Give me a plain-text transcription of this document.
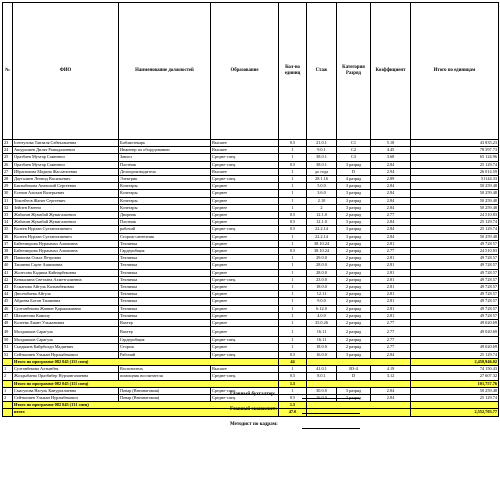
№	ФИО	Наименование должностей	Образование	Кол-во единиц	Стаж	Категория Разряд	Коэффициент	Итого по единицам
23	Ісентулова Танзиля Сейтказыевна	Библиотекарь	Высшее	0.5	21.0.1	C1	5.18	43 835.23
24	Ашуралиев Дилят Рашадалиевич	Инженер по оборудованию	Высшее	1	9.0.1	C2	4.45	78 397.73
25	Оразбаев Мухтар Самеевич	Завхоз	Средне-спец.	1	38.0.1	C3	3.68	65 124.96
26	Оразбаев Мухтар Самеевич	Плотник	Средне-спец.	0.5	38.0.1	3 разряд	2.84	25 129.74
27	Ибрагимова Мадина Жасланоевна	Делопроизводитель	Высшее	1	до года	D	2.94	26 014.59
28	Дауталиев Леонид Васильевич	Электрик	Средне-спец.	1	28.1.16	4 разряд	2.89	51144.33
29	Бактыбекова Анатолий Сергеевич	Кочегары	Среднее	1	5.0.0	3 разряд	2.84	50 259.48
30	Есенов Алихан Валерьевич	Кочегары	Среднее	1	3.6.0	3 разряд	2.84	50 259.48
31	Токсейтов Жанат Сергеевич	Кочегары	Среднее	1	2.10	3 разряд	2.84	50 259.48
32	Зейпен Евгени	Кочегары	Среднее	1	2	3 разряд	2.84	50 259.48
33	Жабагин Жумабай Жумагалиевич	Дворник	Среднее	0.5	12.1.0	2 разряд	2.77	24 510.83
34	Жабагин Жумабай Жумагалиевич	Плотник	Среднее	0.5	12.1.0	3 разряд	2.84	25 129.74
35	Колеев Нурлан Султангазиевич	рабочий	Средне-спец.	0.5	22.2.14	3 разряд	2.84	25 129.74
36	Колеев Нурлан Султангазиевич	Сторож-сантехник	Среднее	1	22.2.14	3 разряд	2.84	50 259.48
37	Байтемирова Нуржамал Алимовна	Техничка	Среднее	1	38.10.24	2 разряд	2.81	49 728.57
38	Байтемирова Нуржамал Алимовна	Гардеробщик	Среднее	0.5	38.10.24	2 разряд	2.77	24 510.83
39	Пакшова Ольга Петровна	Техничка	Среднее	1	29.0.0	2 разряд	2.81	49 728.57
40	Ташиева Сауле Ашимовна	Техничка	Среднее	1	28.0.0	2 разряд	2.81	49 728.57
41	Жолесова Кадиша Кайнарбековна	Техничка	Среднее	1	28.0.0	2 разряд	2.81	49 728.57
42	Кенжалина Светлана Ахметгалиевна	Техничка	Средне-спец.	1	23.0.0	2 разряд	2.81	49 728.57
43	Есжанова Айгуль Калымбековна	Техничка	Среднее	1	18.0.0	2 разряд	2.81	49 728.57
44	Дюсембаева Айгуль	Техничка	Среднее	1	12.11	2 разряд	2.81	49 728.57
45	Абдиева Ботан Ташиевна	Техничка	Среднее	1	9.0.0	2 разряд	2.81	49 728.57
46	Султанбекова Жаннат Қаракожаевна	Техничка	Среднее	1	6.12.0	2 разряд	2.81	49 728.57
47	Шахметова Камилу	Техничка	Среднее	1	4.0.0	2 разряд	2.81	49 728.57
48	Колеева Лиант Ульжановна	Вахтер	Среднее	1	35.0.26	2 разряд	2.77	49 020.69
49	Молдашков Сарагуль	Вахтер	Среднее	1	16.11	2 разряд	2.77	49 020.69
50	Молдашков Сарагуль	Гардеробщик	Средне-спец.	1	16.11	2 разряд	2.77	
51	Сыздыков Кайрболди Мадиевич	Сторож	Среднее	1	18.0.0	2 разряд	2.77	49 020.69
52	Сейтказиев Ульжан Нурлыбекович	Рабочий	Средне-спец.	0.5	16.0.0	3 разряд	2.84	25 129.74
	Итого по программе 082 045 (111 спец)			44				2,450,946.02
1	Султанбекова Алтынбек	Воспитатель	Высшее	1	41.0.1	B3-4	4.19	74 150.43
2	Жолдыбаева Оразбибер Нурлангазиевна	помощник воспитателя	Средне-спец.	0.5	8.0.1	D	3.12	27 607.32
	Итого по программе 082 045 (111 спец)			1.5				101,757.76
1	Смагулова Нагуль Канургалиевна	Повар (Внеанатомия)	Средне-спец.	1	30.0.0	3 разряд	2.84	50 259.48
2	Сейтказиев Ульжан Нурлыбекович	Повар (Внеанатомия)	Средне-спец.	0.5	16.0.0	3 разряд	2.84	25 129.74
	Итого по программе 082 045 (131 спец)			1.5				
	итого			47.0				2,552,703.77
Главный бухгалтер:
Главный экономист:
Методист по кадрам:
